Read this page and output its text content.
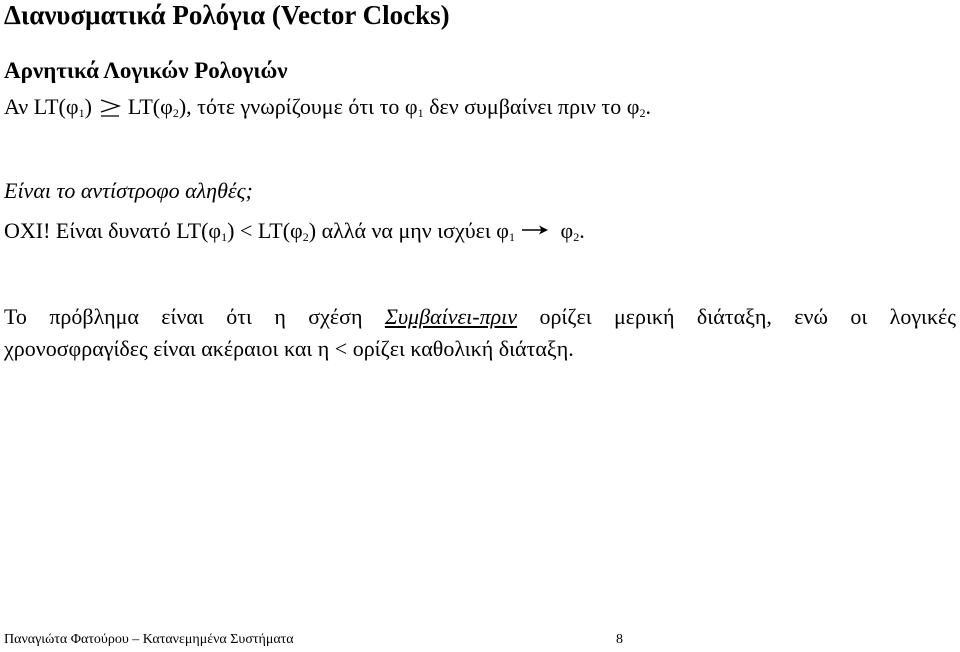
Διανυσματικά Ρολόγια (Vector Clocks)
Αρνητικά Λογικών Ρολογιών
Αν $LT(\varphi_1)$ $LT(\varphi_2)$, τότε γνωρίζουμε ότι το $\varphi_1$ δεν συμβαίνει πριν το $\varphi_2$.
Είναι το αντίστροφο αληθές;
ΟΧΙ! Είναι δυνατό $LT(\varphi_1) < LT(\varphi_2)$ αλλά να μην ισχύει $\varphi_1$
$\varphi_2$.
Το πρόβλημα είναι ότι η σχέση Συμβαίνει-πριν ορίζει μερική διάταξη, ενώ οι λογικές
χρονοσφραγίδες είναι ακέραιοι και η < ορίζει καθολική διάταξη.
Παναγιώτα Φατούρου – Κατανεμημένα Συστήματα	8
